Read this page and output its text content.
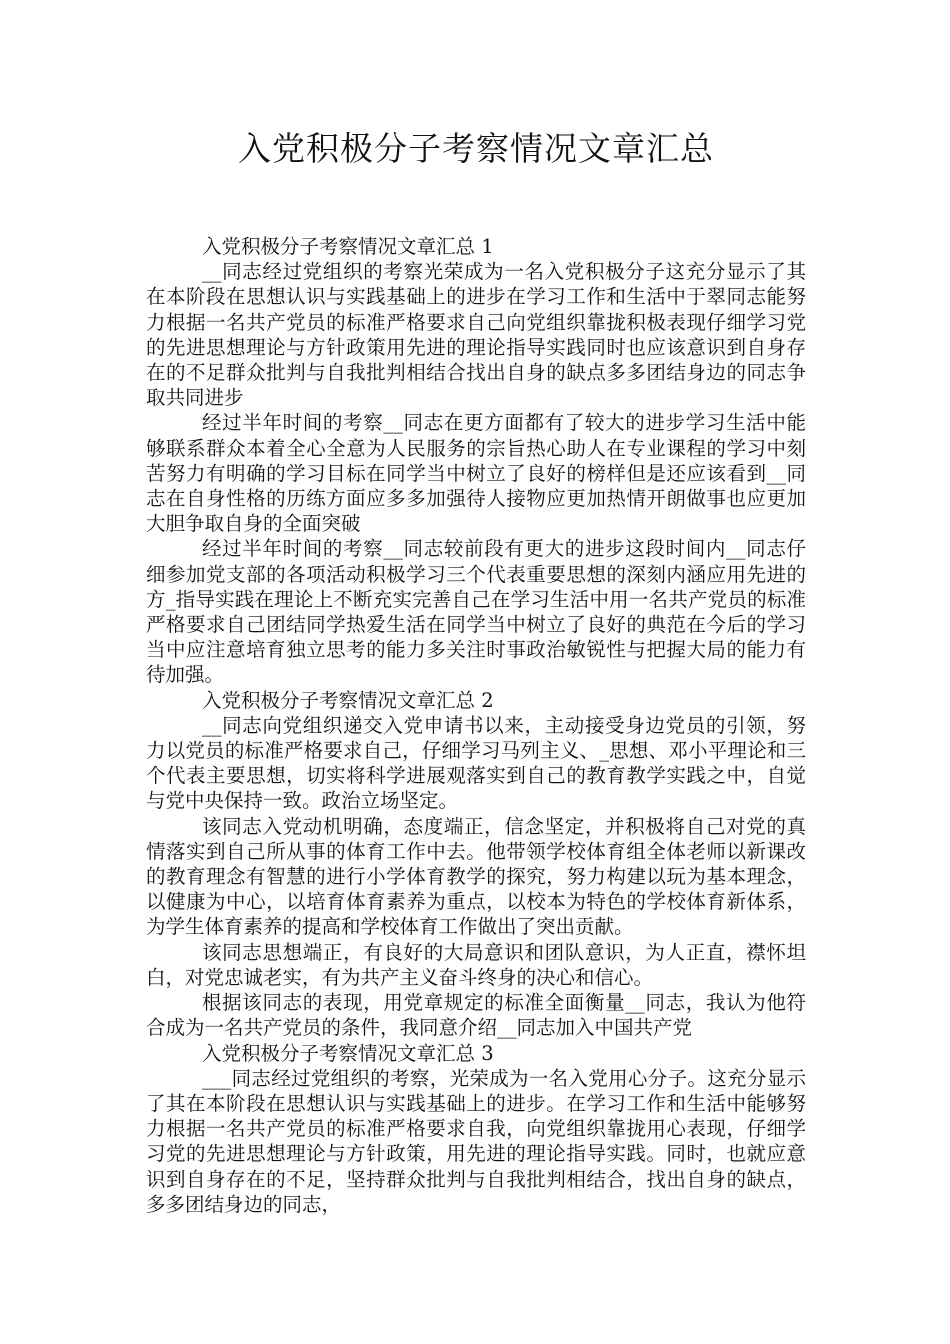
入党积极分子考察情况文章汇总

入党积极分子考察情况文章汇总 1

__同志经过党组织的考察光荣成为一名入党积极分子这充分显示了其在本阶段在思想认识与实践基础上的进步在学习工作和生活中于翠同志能努力根据一名共产党员的标准严格要求自己向党组织靠拢积极表现仔细学习党的先进思想理论与方针政策用先进的理论指导实践同时也应该意识到自身存在的不足群众批判与自我批判相结合找出自身的缺点多多团结身边的同志争取共同进步

经过半年时间的考察__同志在更方面都有了较大的进步学习生活中能够联系群众本着全心全意为人民服务的宗旨热心助人在专业课程的学习中刻苦努力有明确的学习目标在同学当中树立了良好的榜样但是还应该看到__同志在自身性格的历练方面应多多加强待人接物应更加热情开朗做事也应更加大胆争取自身的全面突破

经过半年时间的考察__同志较前段有更大的进步这段时间内__同志仔细参加党支部的各项活动积极学习三个代表重要思想的深刻内涵应用先进的方_指导实践在理论上不断充实完善自己在学习生活中用一名共产党员的标准严格要求自己团结同学热爱生活在同学当中树立了良好的典范在今后的学习当中应注意培育独立思考的能力多关注时事政治敏锐性与把握大局的能力有待加强。

入党积极分子考察情况文章汇总 2

__同志向党组织递交入党申请书以来，主动接受身边党员的引领，努力以党员的标准严格要求自己，仔细学习马列主义、_思想、邓小平理论和三个代表主要思想，切实将科学进展观落实到自己的教育教学实践之中，自觉与党中央保持一致。政治立场坚定。

该同志入党动机明确，态度端正，信念坚定，并积极将自己对党的真情落实到自己所从事的体育工作中去。他带领学校体育组全体老师以新课改的教育理念有智慧的进行小学体育教学的探究，努力构建以玩为基本理念，以健康为中心，以培育体育素养为重点，以校本为特色的学校体育新体系，为学生体育素养的提高和学校体育工作做出了突出贡献。

该同志思想端正，有良好的大局意识和团队意识，为人正直，襟怀坦白，对党忠诚老实，有为共产主义奋斗终身的决心和信心。

根据该同志的表现，用党章规定的标准全面衡量__同志，我认为他符合成为一名共产党员的条件，我同意介绍__同志加入中国共产党

入党积极分子考察情况文章汇总 3

___同志经过党组织的考察，光荣成为一名入党用心分子。这充分显示了其在本阶段在思想认识与实践基础上的进步。在学习工作和生活中能够努力根据一名共产党员的标准严格要求自我，向党组织靠拢用心表现，仔细学习党的先进思想理论与方针政策，用先进的理论指导实践。同时，也就应意识到自身存在的不足，坚持群众批判与自我批判相结合，找出自身的缺点，多多团结身边的同志，
